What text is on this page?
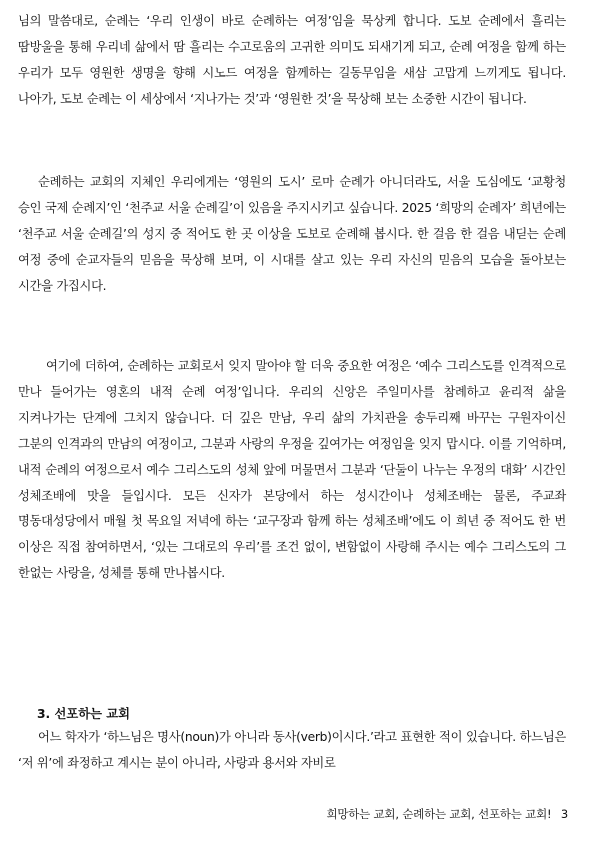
님의 말씀대로, 순례는 ‘우리 인생이 바로 순례하는 여정’임을 묵상케 합니다. 도보 순례에서 흘리는 땀방울을 통해 우리네 삶에서 땀 흘리는 수고로움의 고귀한 의미도 되새기게 되고, 순례 여정을 함께 하는 우리가 모두 영원한 생명을 향해 시노드 여정을 함께하는 길동무임을 새삼 고맙게 느끼게도 됩니다. 나아가, 도보 순례는 이 세상에서 ‘지나가는 것’과 ‘영원한 것’을 묵상해 보는 소중한 시간이 됩니다.

순례하는 교회의 지체인 우리에게는 ‘영원의 도시’ 로마 순례가 아니더라도, 서울 도심에도 ‘교황청 승인 국제 순례지’인 ‘천주교 서울 순례길’이 있음을 주지시키고 싶습니다. 2025 ‘희망의 순례자’ 희년에는 ‘천주교 서울 순례길’의 성지 중 적어도 한 곳 이상을 도보로 순례해 봅시다. 한 걸음 한 걸음 내딛는 순례 여정 중에 순교자들의 믿음을 묵상해 보며, 이 시대를 살고 있는 우리 자신의 믿음의 모습을 돌아보는 시간을 가집시다.

여기에 더하여, 순례하는 교회로서 잊지 말아야 할 더욱 중요한 여정은 ‘예수 그리스도를 인격적으로 만나 들어가는 영혼의 내적 순례 여정’입니다. 우리의 신앙은 주일미사를 참례하고 윤리적 삶을 지켜나가는 단계에 그치지 않습니다. 더 깊은 만남, 우리 삶의 가치관을 송두리째 바꾸는 구원자이신 그분의 인격과의 만남의 여정이고, 그분과 사랑의 우정을 깊여가는 여정임을 잊지 맙시다. 이를 기억하며, 내적 순례의 여정으로서 예수 그리스도의 성체 앞에 머물면서 그분과 ‘단둘이 나누는 우정의 대화’ 시간인 성체조배에 맛을 들입시다. 모든 신자가 본당에서 하는 성시간이나 성체조배는 물론, 주교좌 명동대성당에서 매월 첫 목요일 저녁에 하는 ‘교구장과 함께 하는 성체조배’에도 이 희년 중 적어도 한 번 이상은 직접 참여하면서, ‘있는 그대로의 우리’를 조건 없이, 변함없이 사랑해 주시는 예수 그리스도의 그 한없는 사랑을, 성체를 통해 만나봅시다.

3. 선포하는 교회

어느 학자가 ‘하느님은 명사(noun)가 아니라 동사(verb)이시다.’라고 표현한 적이 있습니다. 하느님은 ‘저 위’에 좌정하고 계시는 분이 아니라, 사랑과 용서와 자비로

희망하는 교회, 순례하는 교회, 선포하는 교회! 3
